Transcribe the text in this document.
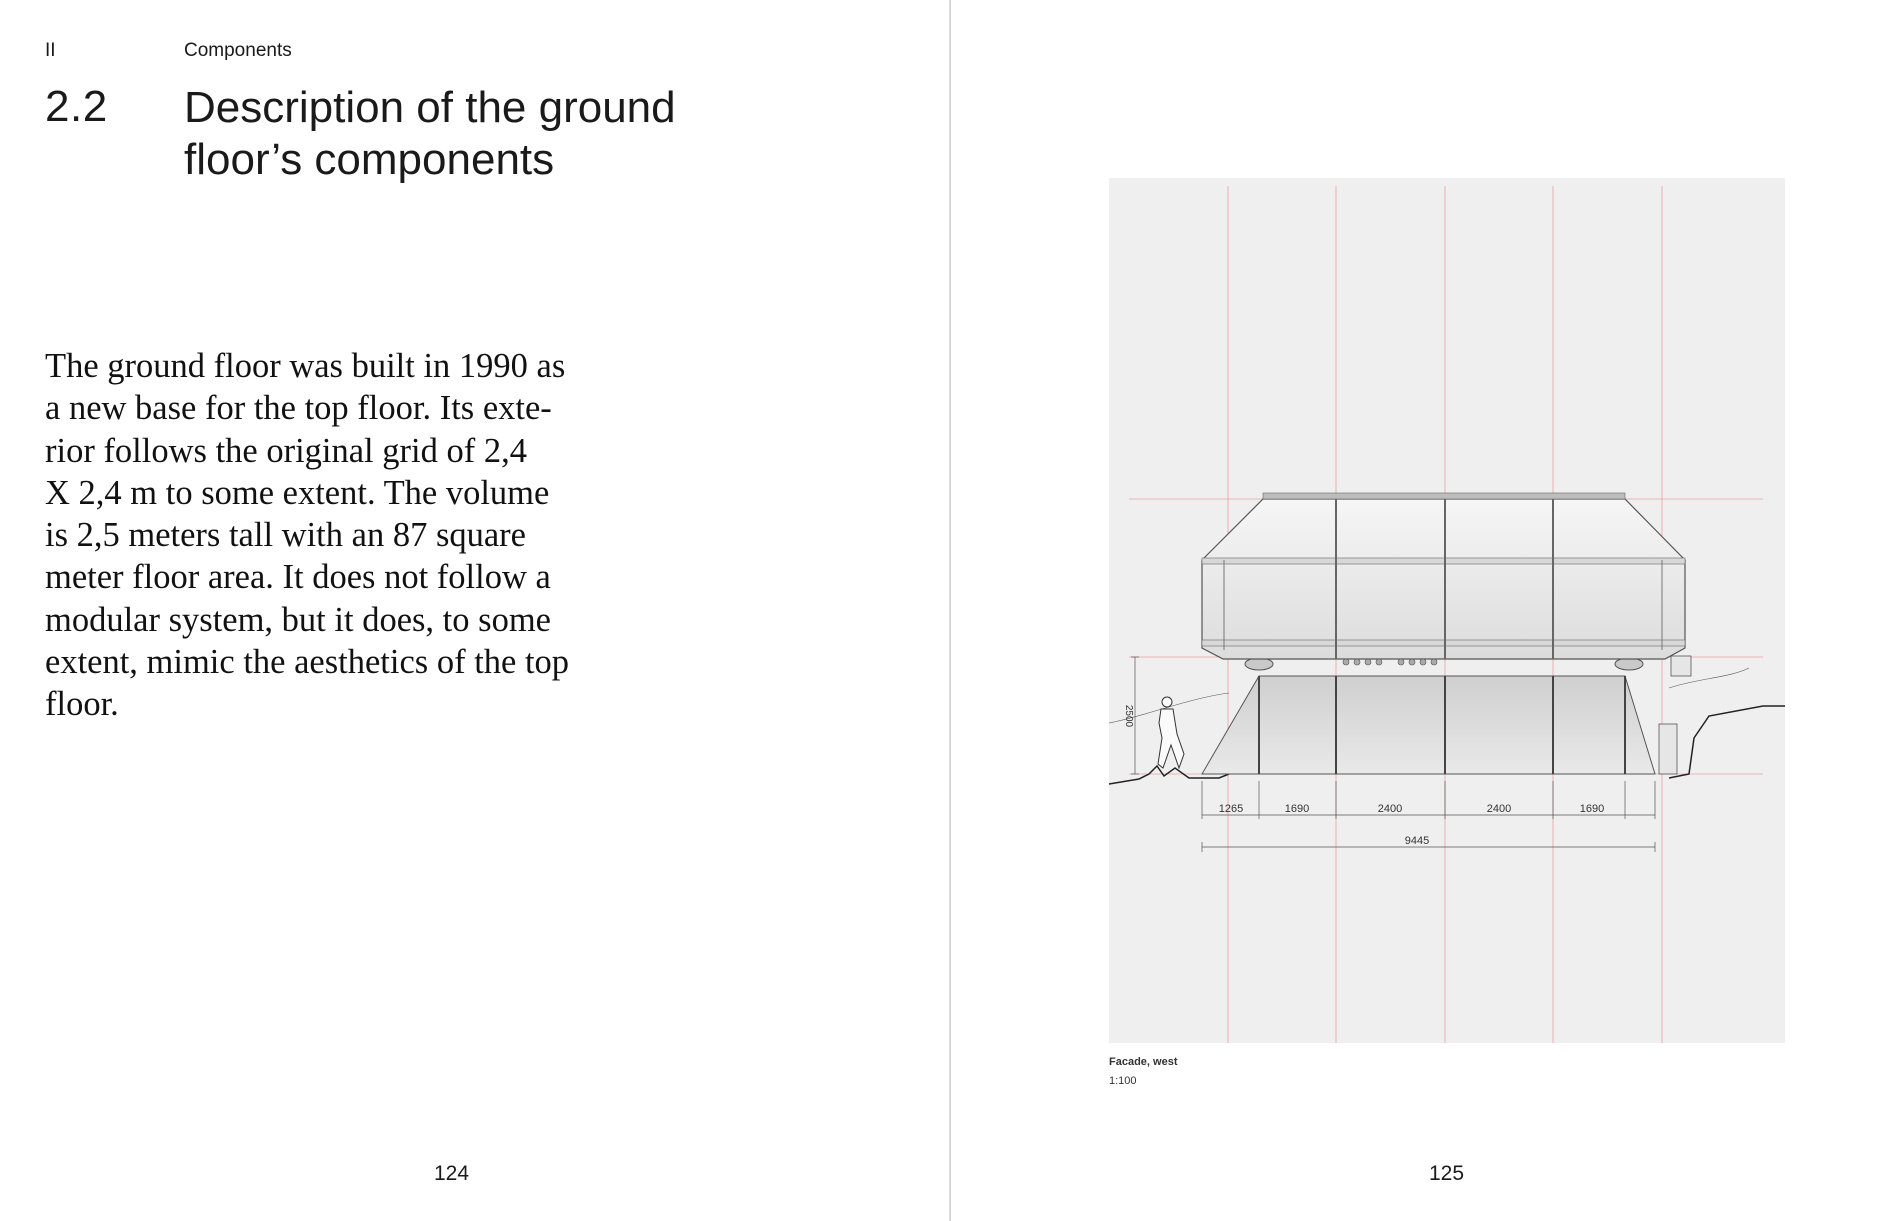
II	Components
2.2 Description of the ground
floor’s components
The ground floor was built in 1990 as
a new base for the top floor. Its exte-
rior follows the original grid of 2,4
X 2,4 m to some extent. The volume
is 2,5 meters tall with an 87 square
meter floor area. It does not follow a
modular system, but it does, to some
extent, mimic the aesthetics of the top
floor.
124
2500
1265	1690	2400	2400	1690
9445
Facade, west
1:100
125
